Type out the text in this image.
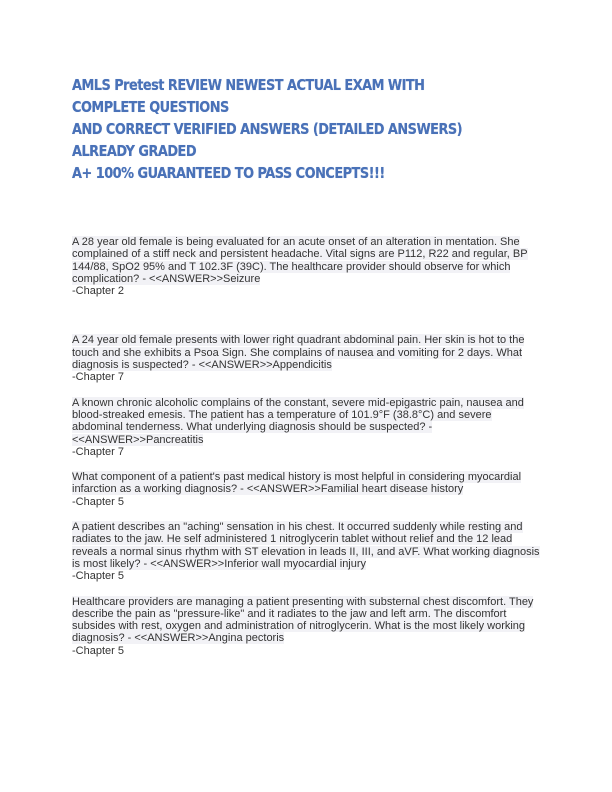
AMLS Pretest REVIEW NEWEST ACTUAL EXAM WITH COMPLETE QUESTIONS
AND CORRECT VERIFIED ANSWERS (DETAILED ANSWERS) ALREADY GRADED
A+ 100% GUARANTEED TO PASS CONCEPTS!!!

A 28 year old female is being evaluated for an acute onset of an alteration in mentation. She complained of a stiff neck and persistent headache. Vital signs are P112, R22 and regular, BP 144/88, SpO2 95% and T 102.3F (39C). The healthcare provider should observe for which complication? - <<ANSWER>>Seizure
-Chapter 2

A 24 year old female presents with lower right quadrant abdominal pain. Her skin is hot to the touch and she exhibits a Psoa Sign. She complains of nausea and vomiting for 2 days. What diagnosis is suspected? - <<ANSWER>>Appendicitis
-Chapter 7

A known chronic alcoholic complains of the constant, severe mid-epigastric pain, nausea and blood-streaked emesis. The patient has a temperature of 101.9°F (38.8°C) and severe abdominal tenderness. What underlying diagnosis should be suspected? - <<ANSWER>>Pancreatitis
-Chapter 7

What component of a patient's past medical history is most helpful in considering myocardial infarction as a working diagnosis? - <<ANSWER>>Familial heart disease history
-Chapter 5

A patient describes an "aching" sensation in his chest. It occurred suddenly while resting and radiates to the jaw. He self administered 1 nitroglycerin tablet without relief and the 12 lead reveals a normal sinus rhythm with ST elevation in leads II, III, and aVF. What working diagnosis is most likely? - <<ANSWER>>Inferior wall myocardial injury
-Chapter 5

Healthcare providers are managing a patient presenting with substernal chest discomfort. They describe the pain as "pressure-like" and it radiates to the jaw and left arm. The discomfort subsides with rest, oxygen and administration of nitroglycerin. What is the most likely working diagnosis? - <<ANSWER>>Angina pectoris
-Chapter 5
